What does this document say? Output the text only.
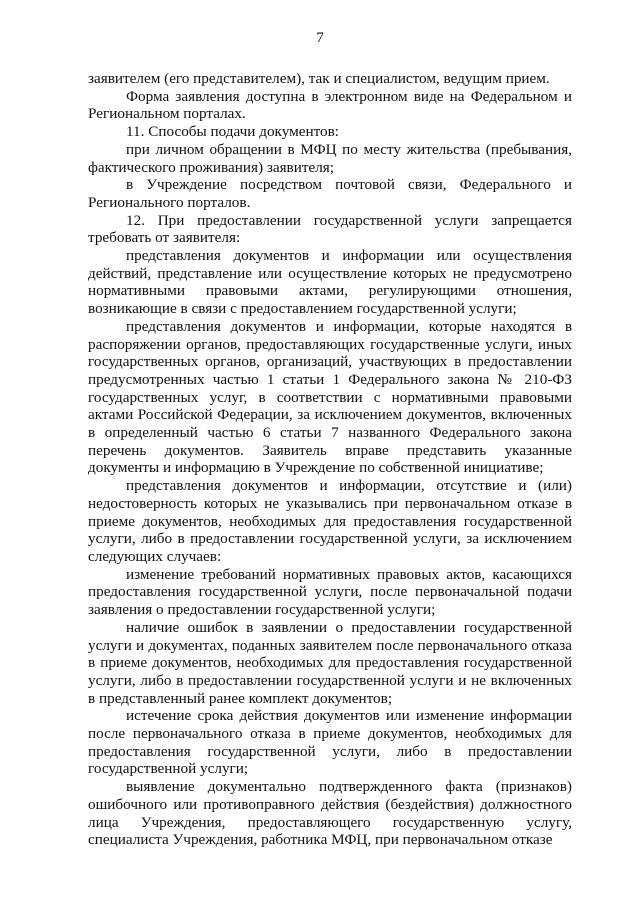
7

заявителем (его представителем), так и специалистом, ведущим прием.

Форма заявления доступна в электронном виде на Федеральном и Региональном порталах.

11. Способы подачи документов:

при личном обращении в МФЦ по месту жительства (пребывания, фактического проживания) заявителя;

в Учреждение посредством почтовой связи, Федерального и Регионального порталов.

12. При предоставлении государственной услуги запрещается требовать от заявителя:

представления документов и информации или осуществления действий, представление или осуществление которых не предусмотрено нормативными правовыми актами, регулирующими отношения, возникающие в связи с предоставлением государственной услуги;

представления документов и информации, которые находятся в распоряжении органов, предоставляющих государственные услуги, иных государственных органов, организаций, участвующих в предоставлении предусмотренных частью 1 статьи 1 Федерального закона № 210-ФЗ государственных услуг, в соответствии с нормативными правовыми актами Российской Федерации, за исключением документов, включенных в определенный частью 6 статьи 7 названного Федерального закона перечень документов. Заявитель вправе представить указанные документы и информацию в Учреждение по собственной инициативе;

представления документов и информации, отсутствие и (или) недостоверность которых не указывались при первоначальном отказе в приеме документов, необходимых для предоставления государственной услуги, либо в предоставлении государственной услуги, за исключением следующих случаев:

изменение требований нормативных правовых актов, касающихся предоставления государственной услуги, после первоначальной подачи заявления о предоставлении государственной услуги;

наличие ошибок в заявлении о предоставлении государственной услуги и документах, поданных заявителем после первоначального отказа в приеме документов, необходимых для предоставления государственной услуги, либо в предоставлении государственной услуги и не включенных в представленный ранее комплект документов;

истечение срока действия документов или изменение информации после первоначального отказа в приеме документов, необходимых для предоставления государственной услуги, либо в предоставлении государственной услуги;

выявление документально подтвержденного факта (признаков) ошибочного или противоправного действия (бездействия) должностного лица Учреждения, предоставляющего государственную услугу, специалиста Учреждения, работника МФЦ, при первоначальном отказе
